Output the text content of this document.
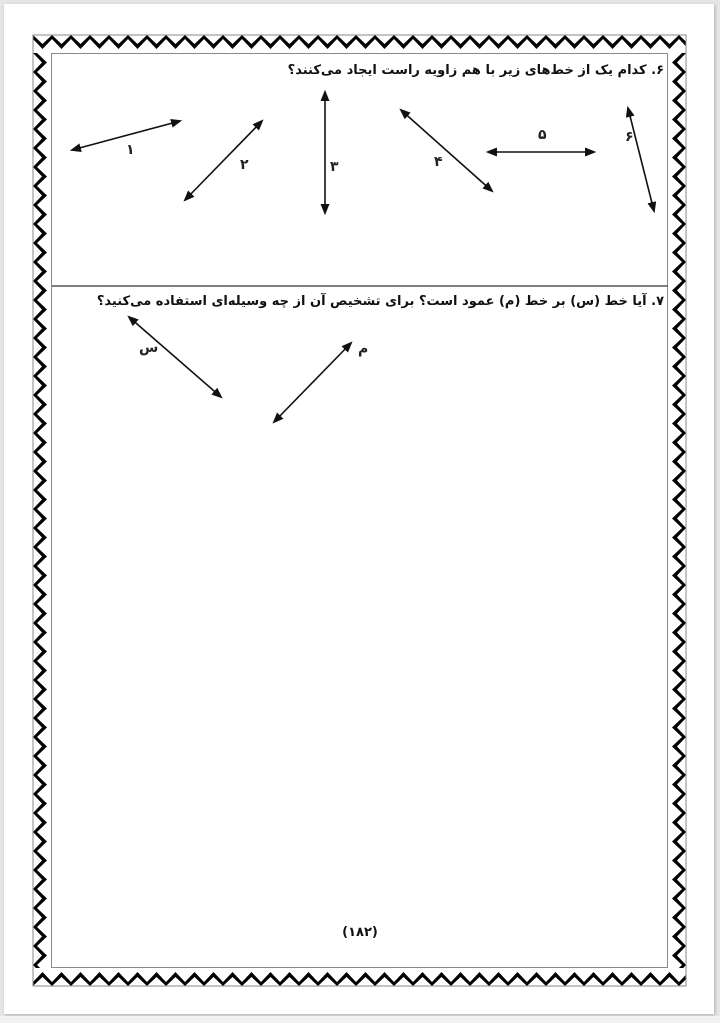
۶. کدام یک از خط‌های زیر با هم زاویه راست ایجاد می‌کنند؟
۱
۲	۳	۴
۵	۶
۷. آیا خط (س) بر خط (م) عمود است؟ برای تشخیص آن از چه وسیله‌ای استفاده می‌کنید؟
س	م
(۱۸۲)
